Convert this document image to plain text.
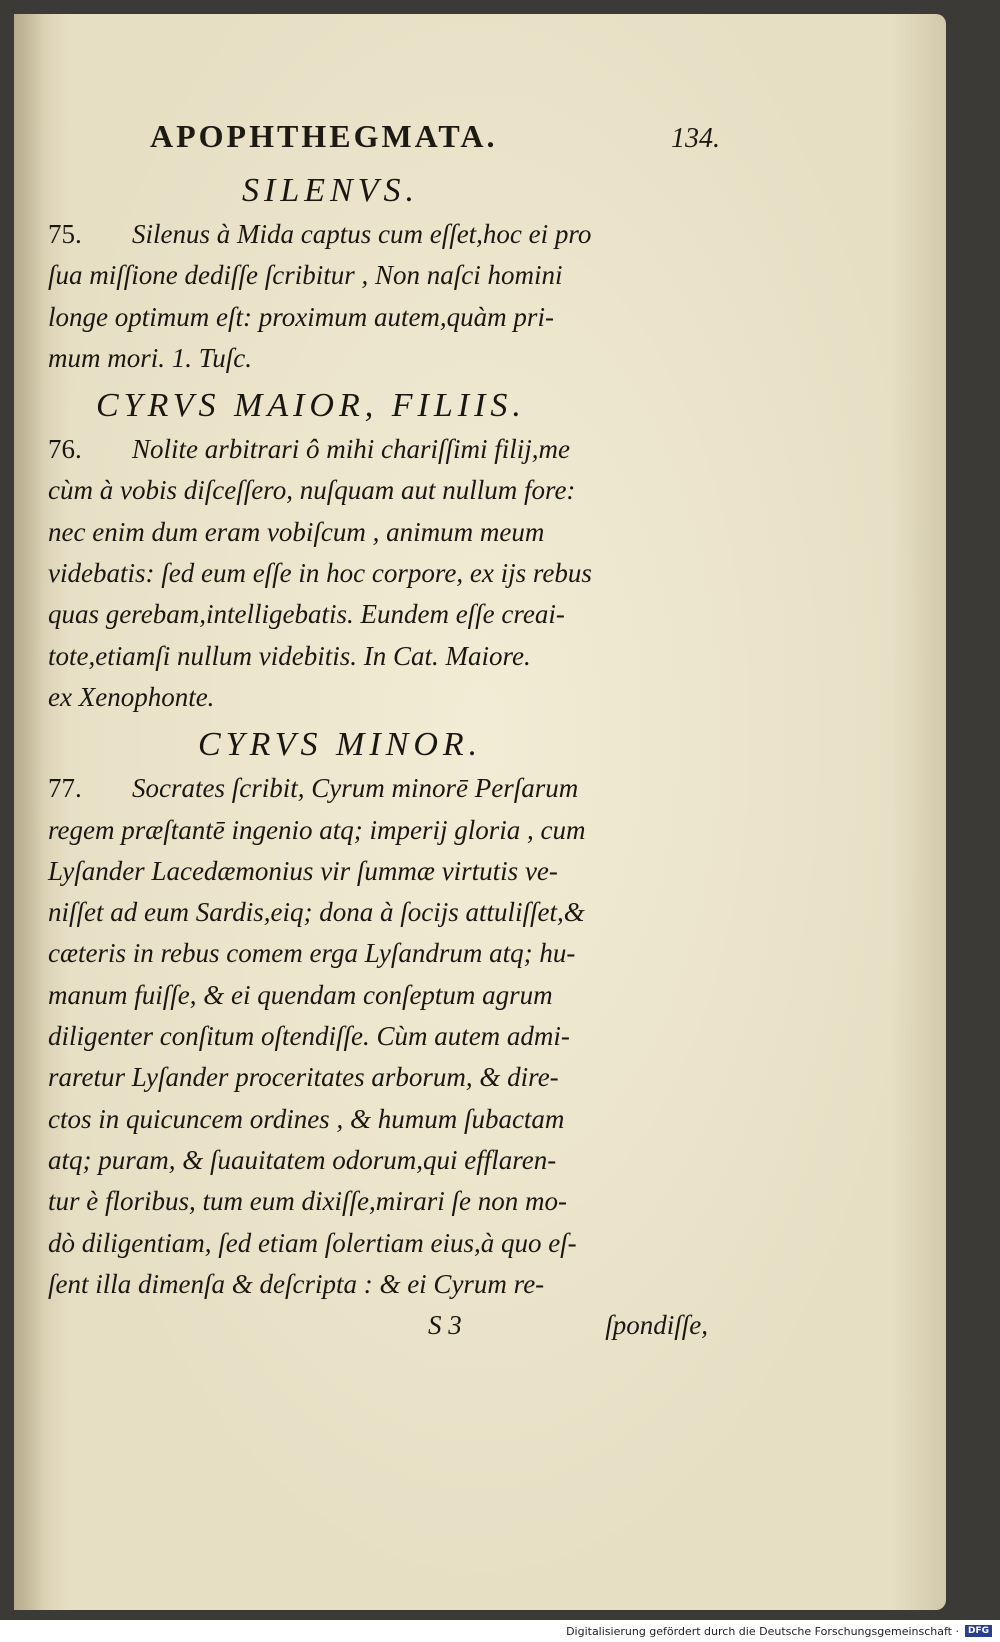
APOPHTHEGMATA.	134.

SILENVS.

75. Silenus à Mida captus cum eſſet,hoc ei pro

ſua miſſione dediſſe ſcribitur , Non naſci homini

longe optimum eſt: proximum autem,quàm pri-

mum mori. 1. Tuſc.

CYRVS MAIOR, FILIIS.

76. Nolite arbitrari ô mihi chariſſimi filij,me

cùm à vobis diſceſſero, nuſquam aut nullum fore:

nec enim dum eram vobiſcum , animum meum

videbatis: ſed eum eſſe in hoc corpore, ex ijs rebus

quas gerebam,intelligebatis. Eundem eſſe creai-

tote,etiamſi nullum videbitis. In Cat. Maiore.

ex Xenophonte.

CYRVS MINOR.

77. Socrates ſcribit, Cyrum minorē Perſarum

regem præſtantē ingenio atq; imperij gloria , cum

Lyſander Lacedæmonius vir ſummæ virtutis ve-

niſſet ad eum Sardis,eiq; dona à ſocijs attuliſſet,&

cæteris in rebus comem erga Lyſandrum atq; hu-

manum fuiſſe, & ei quendam conſeptum agrum

diligenter conſitum oſtendiſſe. Cùm autem admi-

raretur Lyſander proceritates arborum, & dire-

ctos in quicuncem ordines , & humum ſubactam

atq; puram, & ſuauitatem odorum,qui efflaren-

tur è floribus, tum eum dixiſſe,mirari ſe non mo-

dò diligentiam, ſed etiam ſolertiam eius,à quo eſ-

ſent illa dimenſa & deſcripta : & ei Cyrum re-

S 3	ſpondiſſe,
Digitalisierung gefördert durch die Deutsche Forschungsgemeinschaft ·	DFG
